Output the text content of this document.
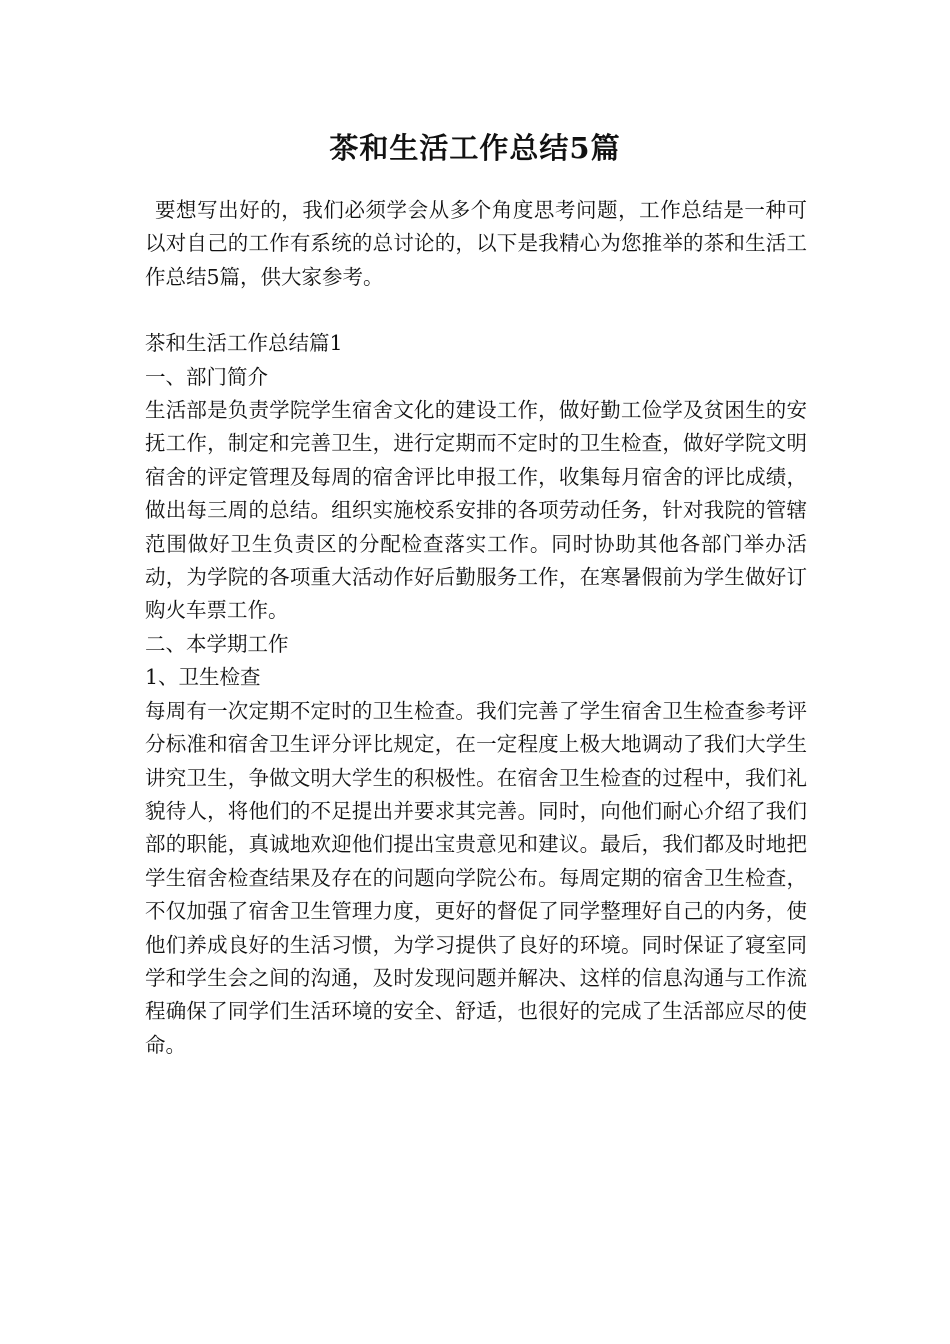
茶和生活工作总结5篇

要想写出好的，我们必须学会从多个角度思考问题，工作总结是一种可以对自己的工作有系统的总讨论的，以下是我精心为您推举的茶和生活工作总结5篇，供大家参考。

茶和生活工作总结篇1

一、部门简介

生活部是负责学院学生宿舍文化的建设工作，做好勤工俭学及贫困生的安抚工作，制定和完善卫生，进行定期而不定时的卫生检查，做好学院文明宿舍的评定管理及每周的宿舍评比申报工作，收集每月宿舍的评比成绩，做出每三周的总结。组织实施校系安排的各项劳动任务，针对我院的管辖范围做好卫生负责区的分配检查落实工作。同时协助其他各部门举办活动，为学院的各项重大活动作好后勤服务工作，在寒暑假前为学生做好订购火车票工作。

二、本学期工作

1、卫生检查

每周有一次定期不定时的卫生检查。我们完善了学生宿舍卫生检查参考评分标准和宿舍卫生评分评比规定，在一定程度上极大地调动了我们大学生讲究卫生，争做文明大学生的积极性。在宿舍卫生检查的过程中，我们礼貌待人，将他们的不足提出并要求其完善。同时，向他们耐心介绍了我们部的职能，真诚地欢迎他们提出宝贵意见和建议。最后，我们都及时地把学生宿舍检查结果及存在的问题向学院公布。每周定期的宿舍卫生检查，不仅加强了宿舍卫生管理力度，更好的督促了同学整理好自己的内务，使他们养成良好的生活习惯，为学习提供了良好的环境。同时保证了寝室同学和学生会之间的沟通，及时发现问题并解决、这样的信息沟通与工作流程确保了同学们生活环境的安全、舒适，也很好的完成了生活部应尽的使命。
